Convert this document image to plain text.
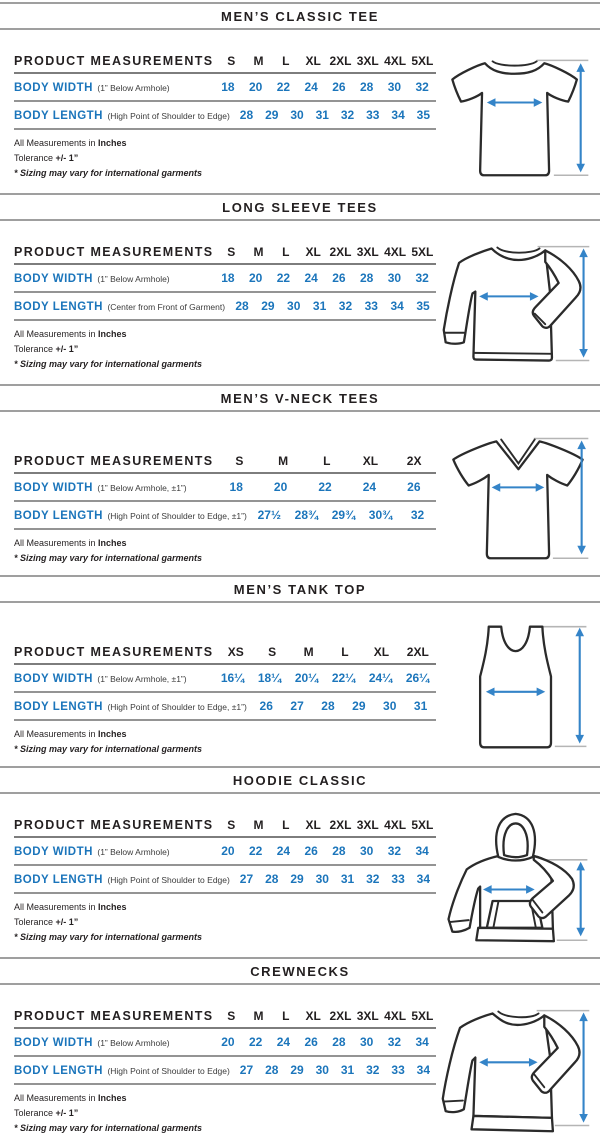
MEN’S CLASSIC TEE
PRODUCT MEASUREMENTS	S	M	L	XL 2XL 3XL 4XL 5XL
BODY WIDTH (1” Below Armhole)	18	20	22	24	26	28	30	32
BODY LENGTH (High Point of Shoulder to Edge) 28 29 30 31 32 33 34 35

All Measurements in Inches

Tolerance +/- 1”

* Sizing may vary for international garments

LONG SLEEVE TEES
PRODUCT MEASUREMENTS	S	M	L	XL 2XL 3XL 4XL 5XL
BODY WIDTH (1” Below Armhole)	18	20	22	24	26	28	30	32
BODY LENGTH (Center from Front of Garment) 28	29	30	31	32	33	34	35

All Measurements in Inches

Tolerance +/- 1”

* Sizing may vary for international garments

MEN’S V-NECK TEES
PRODUCT MEASUREMENTS	S	M	L	XL	2X
BODY WIDTH (1” Below Armhole, ±1”)	18	20	22	24	26
BODY LENGTH (High Point of Shoulder to Edge, ±1”) 27½	28¾	29¾	30¾	32

All Measurements in Inches

* Sizing may vary for international garments

MEN’S TANK TOP
PRODUCT MEASUREMENTS	XS	S	M	L	XL	2XL
BODY WIDTH (1” Below Armhole, ±1”)	16¼	18¼	20¼	22¼	24¼	26¼
BODY LENGTH (High Point of Shoulder to Edge, ±1”)	26	27	28	29	30	31

All Measurements in Inches

* Sizing may vary for international garments

HOODIE CLASSIC
PRODUCT MEASUREMENTS	S	M	L	XL 2XL 3XL 4XL 5XL
BODY WIDTH (1” Below Armhole)	20	22	24	26	28	30	32	34
BODY LENGTH (High Point of Shoulder to Edge) 27 28 29 30 31 32 33 34

All Measurements in Inches

Tolerance +/- 1”

* Sizing may vary for international garments

CREWNECKS
PRODUCT MEASUREMENTS	S	M	L	XL 2XL 3XL 4XL 5XL
BODY WIDTH (1” Below Armhole)	20	22	24	26	28	30	32	34
BODY LENGTH (High Point of Shoulder to Edge) 27 28 29 30 31 32 33 34

All Measurements in Inches

Tolerance +/- 1”

* Sizing may vary for international garments
